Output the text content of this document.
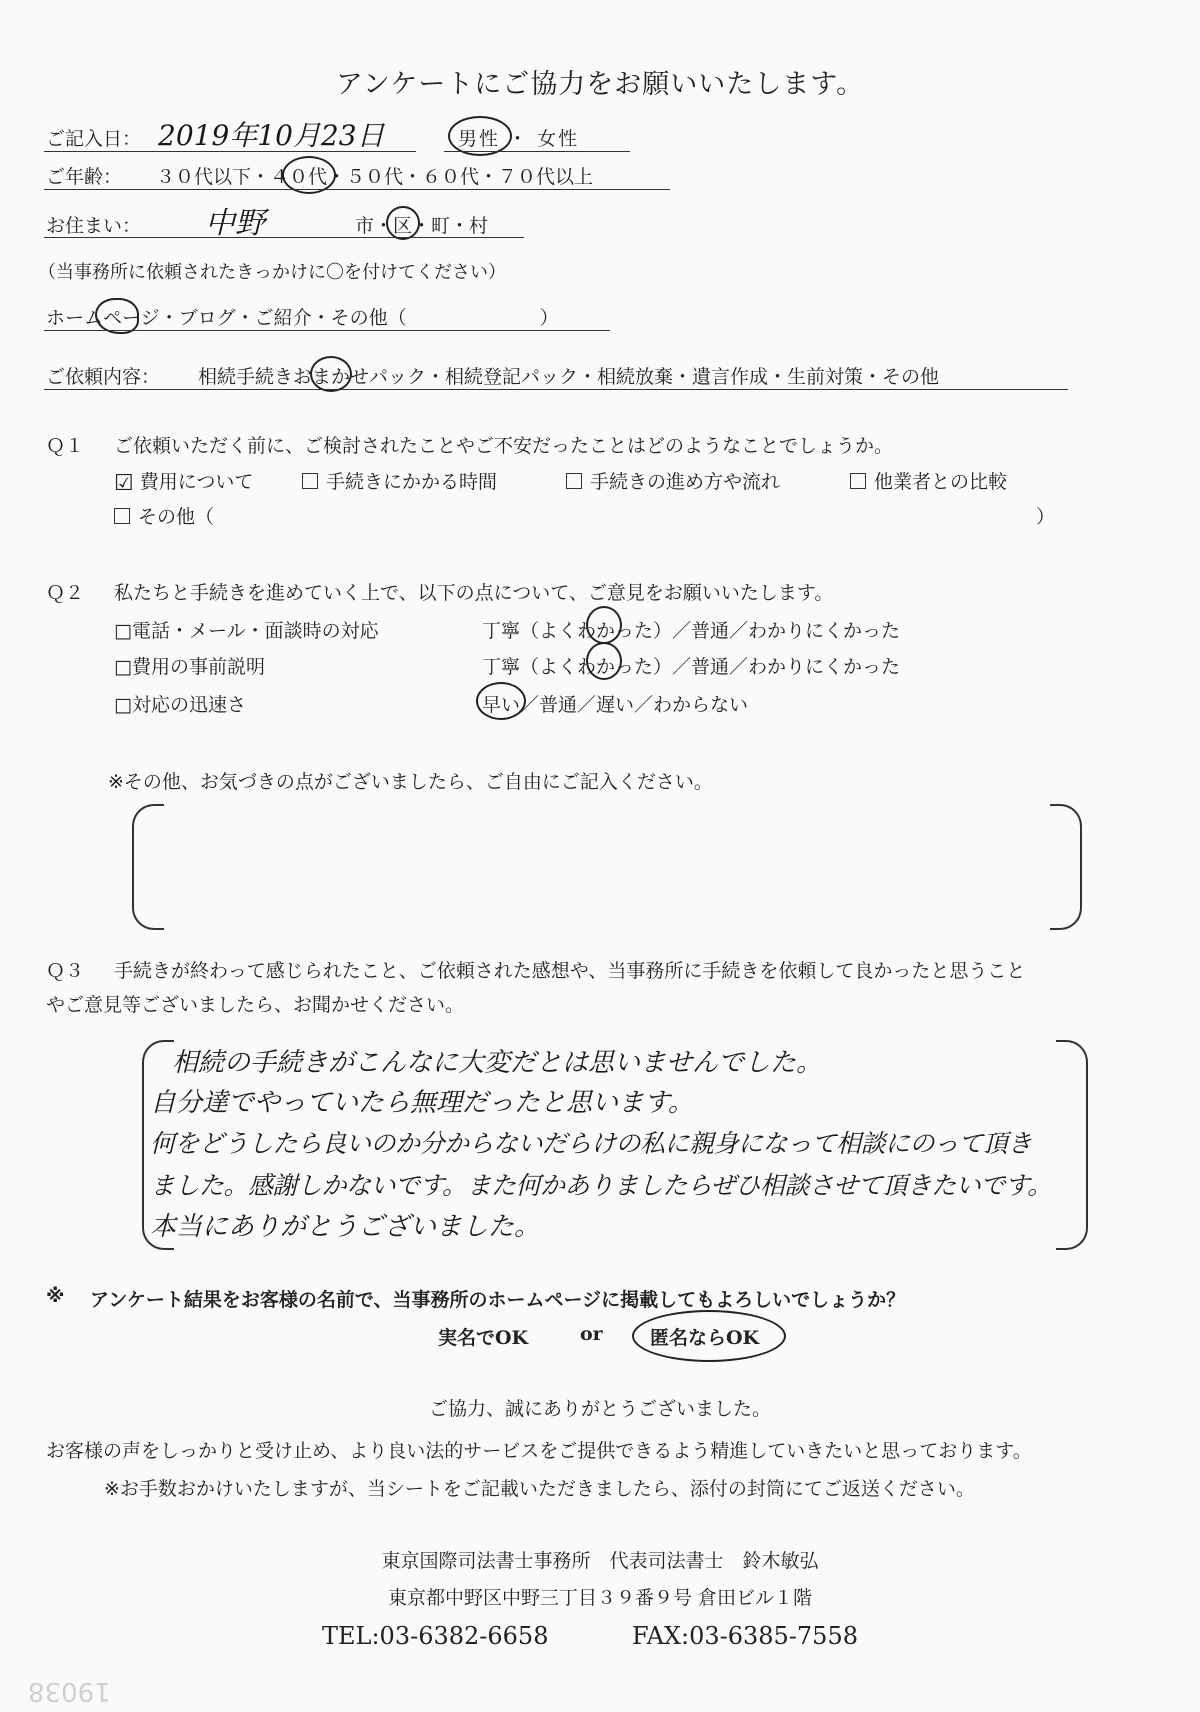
アンケートにご協力をお願いいたします。
ご記入日： 2019年10月23日	男性 ・ 女性
ご年齢： ３０代以下・４０代・５０代・６０代・７０代以上
お住まい： 中野	市・区・町・村
（当事務所に依頼されたきっかけに〇を付けてください）
ホームページ・ブログ・ご紹介・その他（　　　　　　　）
ご依頼内容： 相続手続きおまかせパック・相続登記パック・相続放棄・遺言作成・生前対策・その他
Ｑ１ ご依頼いただく前に、ご検討されたことやご不安だったことはどのようなことでしょうか。
☑ 費用について	手続きにかかる時間	手続きの進め方や流れ	他業者との比較
その他（	）
Ｑ２ 私たちと手続きを進めていく上で、以下の点について、ご意見をお願いいたします。
□電話・メール・面談時の対応	丁寧（よくわかった）／普通／わかりにくかった
□費用の事前説明	丁寧（よくわかった）／普通／わかりにくかった
□対応の迅速さ	早い／普通／遅い／わからない
※その他、お気づきの点がございましたら、ご自由にご記入ください。
Ｑ３ 手続きが終わって感じられたこと、ご依頼された感想や、当事務所に手続きを依頼して良かったと思うこと
やご意見等ございましたら、お聞かせください。
相続の手続きがこんなに大変だとは思いませんでした。
自分達でやっていたら無理だったと思います。
何をどうしたら良いのか分からないだらけの私に親身になって相談にのって頂き
ました。感謝しかないです。また何かありましたらぜひ相談させて頂きたいです。
本当にありがとうございました。
※ アンケート結果をお客様の名前で、当事務所のホームページに掲載してもよろしいでしょうか？
実名でOK	or 匿名ならOK
ご協力、誠にありがとうございました。
お客様の声をしっかりと受け止め、より良い法的サービスをご提供できるよう精進していきたいと思っております。
※お手数おかけいたしますが、当シートをご記載いただきましたら、添付の封筒にてご返送ください。
東京国際司法書士事務所　代表司法書士　鈴木敏弘
東京都中野区中野三丁目３９番９号 倉田ビル１階
TEL:03-6382-6658	FAX:03-6385-7558
19038
